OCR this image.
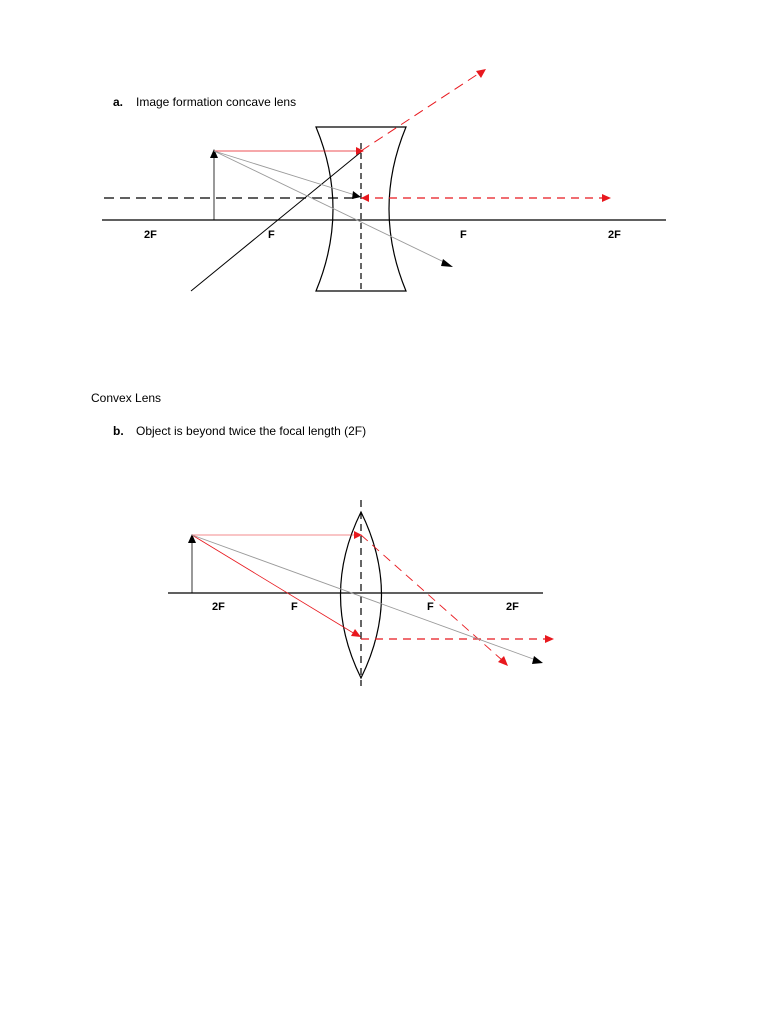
a. Image formation concave lens
2F	F	F	2F
Convex Lens
b. Object is beyond twice the focal length (2F)
2F	F	F	2F
